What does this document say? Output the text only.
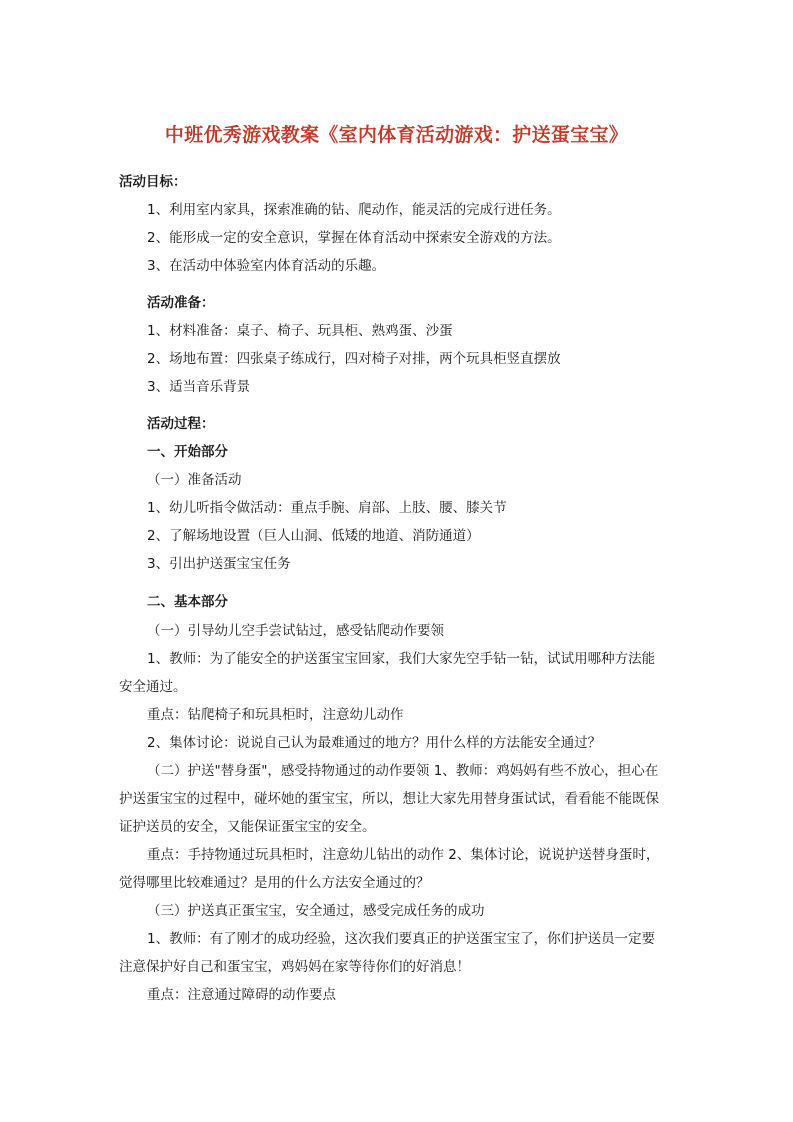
中班优秀游戏教案《室内体育活动游戏：护送蛋宝宝》
活动目标：
1、利用室内家具，探索准确的钻、爬动作，能灵活的完成行进任务。
2、能形成一定的安全意识，掌握在体育活动中探索安全游戏的方法。
3、在活动中体验室内体育活动的乐趣。
活动准备：
1、材料准备：桌子、椅子、玩具柜、熟鸡蛋、沙蛋
2、场地布置：四张桌子练成行，四对椅子对排，两个玩具柜竖直摆放
3、适当音乐背景
活动过程：
一、开始部分
（一）准备活动
1、幼儿听指令做活动：重点手腕、肩部、上肢、腰、膝关节
2、了解场地设置（巨人山洞、低矮的地道、消防通道）
3、引出护送蛋宝宝任务
二、基本部分
（一）引导幼儿空手尝试钻过，感受钻爬动作要领
1、教师：为了能安全的护送蛋宝宝回家，我们大家先空手钻一钻，试试用哪种方法能
安全通过。
重点：钻爬椅子和玩具柜时，注意幼儿动作
2、集体讨论：说说自己认为最难通过的地方？用什么样的方法能安全通过？
（二）护送"替身蛋"，感受持物通过的动作要领 1、教师：鸡妈妈有些不放心，担心在
护送蛋宝宝的过程中，碰坏她的蛋宝宝，所以，想让大家先用替身蛋试试，看看能不能既保
证护送员的安全，又能保证蛋宝宝的安全。
重点：手持物通过玩具柜时，注意幼儿钻出的动作 2、集体讨论，说说护送替身蛋时，
觉得哪里比较难通过？是用的什么方法安全通过的？
（三）护送真正蛋宝宝，安全通过，感受完成任务的成功
1、教师：有了刚才的成功经验，这次我们要真正的护送蛋宝宝了，你们护送员一定要
注意保护好自己和蛋宝宝，鸡妈妈在家等待你们的好消息！
重点：注意通过障碍的动作要点
